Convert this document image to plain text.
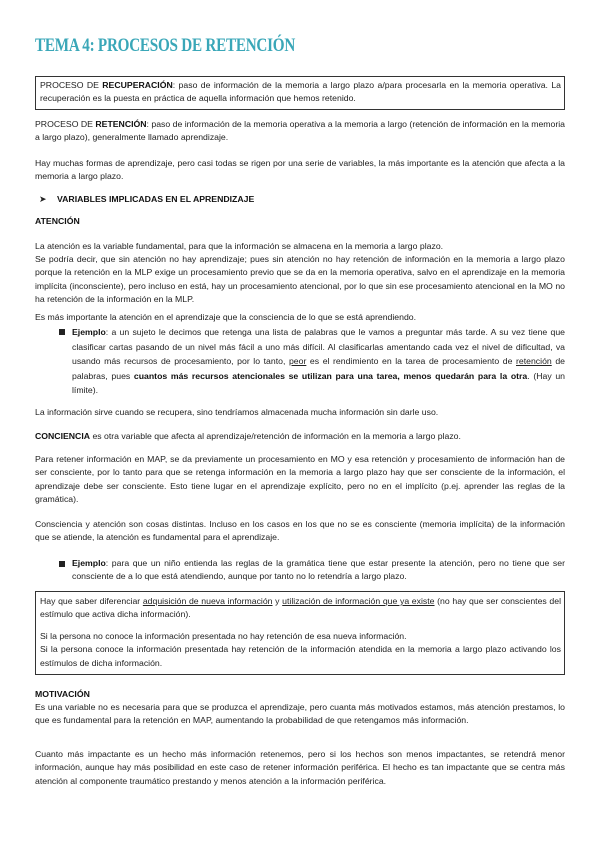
TEMA 4: PROCESOS DE RETENCIÓN

PROCESO DE RECUPERACIÓN: paso de información de la memoria a largo plazo a/para procesarla en la memoria operativa. La recuperación es la puesta en práctica de aquella información que hemos retenido.

PROCESO DE RETENCIÓN: paso de información de la memoria operativa a la memoria a largo (retención de información en la memoria a largo plazo), generalmente llamado aprendizaje.

Hay muchas formas de aprendizaje, pero casi todas se rigen por una serie de variables, la más importante es la atención que afecta a la memoria a largo plazo.

➤	VARIABLES IMPLICADAS EN EL APRENDIZAJE
ATENCIÓN

La atención es la variable fundamental, para que la información se almacena en la memoria a largo plazo.

Se podría decir, que sin atención no hay aprendizaje; pues sin atención no hay retención de información en la memoria a largo plazo porque la retención en la MLP exige un procesamiento previo que se da en la memoria operativa, salvo en el aprendizaje en la memoria implícita (inconsciente), pero incluso en está, hay un procesamiento atencional, por lo que sin ese procesamiento atencional en la MO no ha retención de la información en la MLP.

Es más importante la atención en el aprendizaje que la consciencia de lo que se está aprendiendo.

Ejemplo: a un sujeto le decimos que retenga una lista de palabras que le vamos a preguntar más tarde. A su vez tiene que clasificar cartas pasando de un nivel más fácil a uno más difícil. Al clasificarlas amentando cada vez el nivel de dificultad, va usando más recursos de procesamiento, por lo tanto, peor es el rendimiento en la tarea de procesamiento de retención de palabras, pues cuantos más recursos atencionales se utilizan para una tarea, menos quedarán para la otra. (Hay un límite).

La información sirve cuando se recupera, sino tendríamos almacenada mucha información sin darle uso.

CONCIENCIA es otra variable que afecta al aprendizaje/retención de información en la memoria a largo plazo.

Para retener información en MAP, se da previamente un procesamiento en MO y esa retención y procesamiento de información han de ser consciente, por lo tanto para que se retenga información en la memoria a largo plazo hay que ser consciente de la información, el aprendizaje debe ser consciente. Esto tiene lugar en el aprendizaje explícito, pero no en el implícito (p.ej. aprender las reglas de la gramática).

Consciencia y atención son cosas distintas. Incluso en los casos en los que no se es consciente (memoria implícita) de la información que se atiende, la atención es fundamental para el aprendizaje.

Ejemplo: para que un niño entienda las reglas de la gramática tiene que estar presente la atención, pero no tiene que ser consciente de a lo que está atendiendo, aunque por tanto no lo retendría a largo plazo.

Hay que saber diferenciar adquisición de nueva información y utilización de información que ya existe (no hay que ser conscientes del estímulo que activa dicha información).

Si la persona no conoce la información presentada no hay retención de esa nueva información.

Si la persona conoce la información presentada hay retención de la información atendida en la memoria a largo plazo activando los estímulos de dicha información.

MOTIVACIÓN

Es una variable no es necesaria para que se produzca el aprendizaje, pero cuanta más motivados estamos, más atención prestamos, lo que es fundamental para la retención en MAP, aumentando la probabilidad de que retengamos más información.

Cuanto más impactante es un hecho más información retenemos, pero si los hechos son menos impactantes, se retendrá menor información, aunque hay más posibilidad en este caso de retener información periférica. El hecho es tan impactante que se centra más atención al componente traumático prestando y menos atención a la información periférica.
